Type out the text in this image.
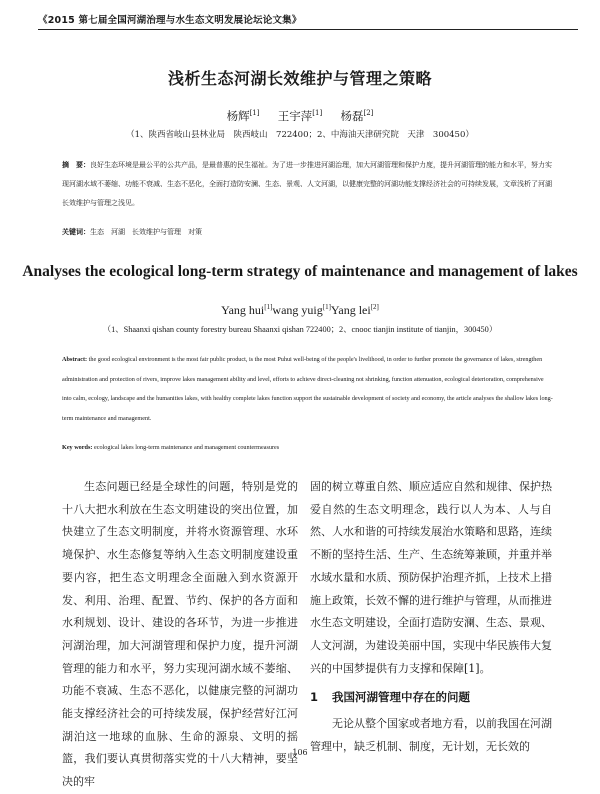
《2015 第七届全国河湖治理与水生态文明发展论坛论文集》
浅析生态河湖长效维护与管理之策略
杨辉[1] 王宇萍[1] 杨磊[2]
（1、陕西省岐山县林业局　陕西岐山　722400；2、中海油天津研究院　天津　300450）
摘　要：良好生态环境是最公平的公共产品，是最普惠的民生福祉。为了进一步推进河湖治理，加大河湖管理和保护力度，提升河湖管理的能力和水平，努力实现河湖水域不萎缩、功能不衰减、生态不恶化，全面打造防安澜、生态、景观、人文河湖，以健康完整的河湖功能支撑经济社会的可持续发展，文章浅析了河湖长效维护与管理之浅见。
关键词：生态　河湖　长效维护与管理　对策
Analyses the ecological long-term strategy of maintenance and management of lakes
Yang hui[1]wang yuig[1]Yang lei[2]
（1、Shaanxi qishan county forestry bureau Shaanxi qishan 722400；2、cnooc tianjin institute of tianjin，300450）
Abstract: the good ecological environment is the most fair public product, is the most Puhui well-being of the people's livelihood, in order to further promote the governance of lakes, strengthen administration and protection of rivers, improve lakes management ability and level, efforts to achieve direct-cleaning not shrinking, function attenuation, ecological deterioration, comprehensive into calm, ecology, landscape and the humanities lakes, with healthy complete lakes function support the sustainable development of society and economy, the article analyses the shallow lakes long-term maintenance and management.
Key words: ecological lakes long-term maintenance and management countermeasures

生态问题已经是全球性的问题，特别是党的十八大把水利放在生态文明建设的突出位置，加快建立了生态文明制度，并将水资源管理、水环境保护、水生态修复等纳入生态文明制度建设重要内容，把生态文明理念全面融入到水资源开发、利用、治理、配置、节约、保护的各方面和水利规划、设计、建设的各环节，为进一步推进河湖治理，加大河湖管理和保护力度，提升河湖管理的能力和水平，努力实现河湖水域不萎缩、功能不衰减、生态不恶化，以健康完整的河湖功能支撑经济社会的可持续发展，保护经营好江河湖泊这一地球的血脉、生命的源泉、文明的摇篮，我们要认真贯彻落实党的十八大精神，要坚决的牢

固的树立尊重自然、顺应适应自然和规律、保护热爱自然的生态文明理念，践行以人为本、人与自然、人水和谐的可持续发展治水策略和思路，连续不断的坚持生活、生产、生态统筹兼顾，并重并举水域水量和水质、预防保护治理齐抓，上技术上措施上政策，长效不懈的进行维护与管理，从而推进水生态文明建设，全面打造防安澜、生态、景观、人文河湖，为建设美丽中国，实现中华民族伟大复兴的中国梦提供有力支撑和保障[1]。

1 我国河湖管理中存在的问题

无论从整个国家或者地方看，以前我国在河湖管理中，缺乏机制、制度，无计划，无长效的

106
